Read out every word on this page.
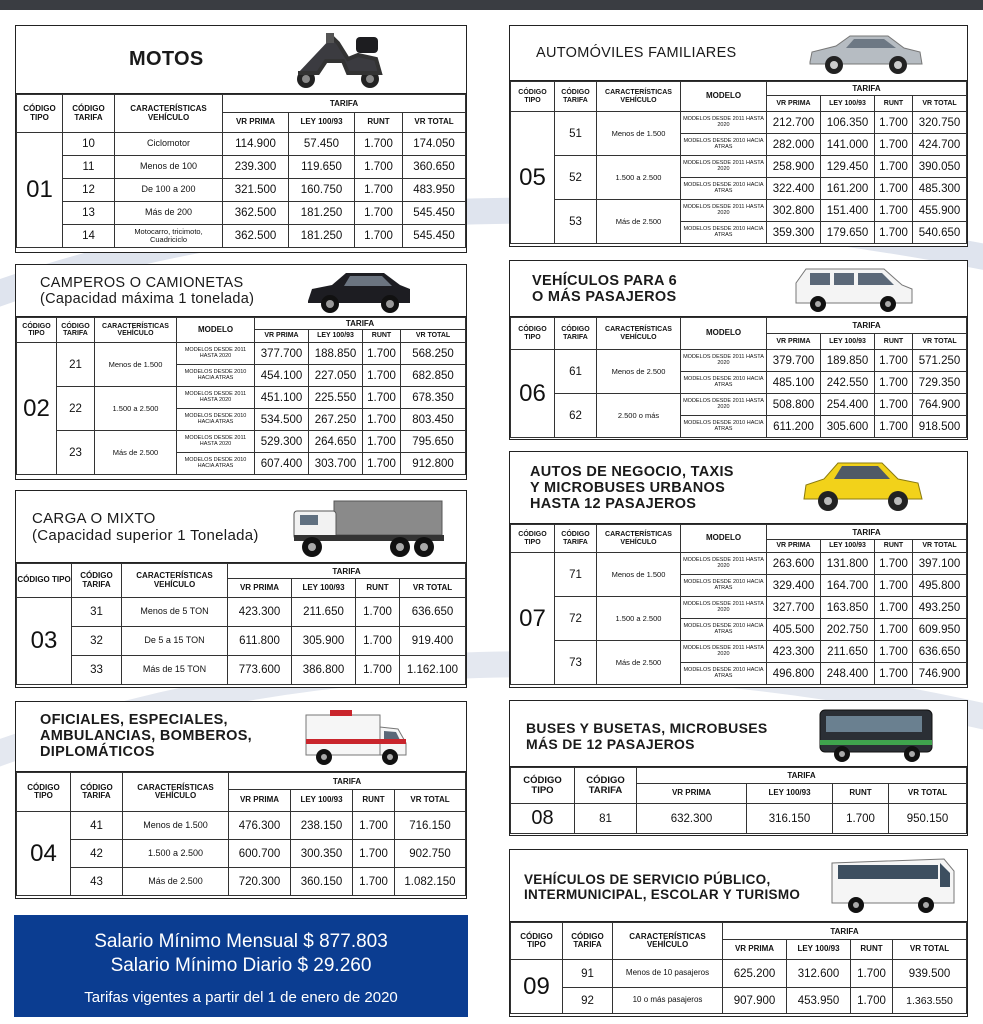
MOTOS
CÓDIGO TIPO	CÓDIGO TARIFA	CARACTERÍSTICAS VEHÍCULO	TARIFA			
			VR PRIMA	LEY 100/93	RUNT	VR TOTAL
01	10	Ciclomotor	114.900	57.450	1.700	174.050
	11	Menos de 100	239.300	119.650	1.700	360.650
	12	De 100 a 200	321.500	160.750	1.700	483.950
	13	Más de 200	362.500	181.250	1.700	545.450
	14	Motocarro, tricimoto, Cuadriciclo	362.500	181.250	1.700	545.450
CAMPEROS O CAMIONETAS
(Capacidad máxima 1 tonelada)
CÓDIGO TIPO	CÓDIGO TARIFA	CARACTERÍSTICAS VEHÍCULO	MODELO	TARIFA			
				VR PRIMA	LEY 100/93	RUNT	VR TOTAL
02	21	Menos de 1.500	MODELOS DESDE 2011 HASTA 2020	377.700	188.850	1.700	568.250
			MODELOS DESDE 2010 HACIA ATRAS	454.100	227.050	1.700	682.850
	22	1.500 a 2.500	MODELOS DESDE 2011 HASTA 2020	451.100	225.550	1.700	678.350
			MODELOS DESDE 2010 HACIA ATRAS	534.500	267.250	1.700	803.450
	23	Más de 2.500	MODELOS DESDE 2011 HASTA 2020	529.300	264.650	1.700	795.650
			MODELOS DESDE 2010 HACIA ATRAS	607.400	303.700	1.700	912.800
CARGA O MIXTO
(Capacidad superior 1 Tonelada)
CÓDIGO TIPO	CÓDIGO TARIFA	CARACTERÍSTICAS VEHÍCULO	TARIFA			
			VR PRIMA	LEY 100/93	RUNT	VR TOTAL
03	31	Menos de 5 TON	423.300	211.650	1.700	636.650
	32	De 5 a 15 TON	611.800	305.900	1.700	919.400
	33	Más de 15 TON	773.600	386.800	1.700	1.162.100
OFICIALES, ESPECIALES,
AMBULANCIAS, BOMBEROS,
DIPLOMÁTICOS
CÓDIGO TIPO	CÓDIGO TARIFA	CARACTERÍSTICAS VEHÍCULO	TARIFA			
			VR PRIMA	LEY 100/93	RUNT	VR TOTAL
04	41	Menos de 1.500	476.300	238.150	1.700	716.150
	42	1.500 a 2.500	600.700	300.350	1.700	902.750
	43	Más de 2.500	720.300	360.150	1.700	1.082.150
Salario Mínimo Mensual $ 877.803
Salario Mínimo Diario $ 29.260
Tarifas vigentes a partir del 1 de enero de 2020
AUTOMÓVILES FAMILIARES
CÓDIGO TIPO	CÓDIGO TARIFA	CARACTERÍSTICAS VEHÍCULO	MODELO	TARIFA			
				VR PRIMA	LEY 100/93	RUNT	VR TOTAL
05	51	Menos de 1.500	MODELOS DESDE 2011 HASTA 2020	212.700	106.350	1.700	320.750
			MODELOS DESDE 2010 HACIA ATRAS	282.000	141.000	1.700	424.700
	52	1.500 a 2.500	MODELOS DESDE 2011 HASTA 2020	258.900	129.450	1.700	390.050
			MODELOS DESDE 2010 HACIA ATRAS	322.400	161.200	1.700	485.300
	53	Más de 2.500	MODELOS DESDE 2011 HASTA 2020	302.800	151.400	1.700	455.900
			MODELOS DESDE 2010 HACIA ATRAS	359.300	179.650	1.700	540.650
VEHÍCULOS PARA 6
O MÁS PASAJEROS
CÓDIGO TIPO	CÓDIGO TARIFA	CARACTERÍSTICAS VEHÍCULO	MODELO	TARIFA			
				VR PRIMA	LEY 100/93	RUNT	VR TOTAL
06	61	Menos de 2.500	MODELOS DESDE 2011 HASTA 2020	379.700	189.850	1.700	571.250
			MODELOS DESDE 2010 HACIA ATRAS	485.100	242.550	1.700	729.350
	62	2.500 o más	MODELOS DESDE 2011 HASTA 2020	508.800	254.400	1.700	764.900
			MODELOS DESDE 2010 HACIA ATRAS	611.200	305.600	1.700	918.500
AUTOS DE NEGOCIO, TAXIS
Y MICROBUSES URBANOS
HASTA 12 PASAJEROS
CÓDIGO TIPO	CÓDIGO TARIFA	CARACTERÍSTICAS VEHÍCULO	MODELO	TARIFA			
				VR PRIMA	LEY 100/93	RUNT	VR TOTAL
07	71	Menos de 1.500	MODELOS DESDE 2011 HASTA 2020	263.600	131.800	1.700	397.100
			MODELOS DESDE 2010 HACIA ATRAS	329.400	164.700	1.700	495.800
	72	1.500 a 2.500	MODELOS DESDE 2011 HASTA 2020	327.700	163.850	1.700	493.250
			MODELOS DESDE 2010 HACIA ATRAS	405.500	202.750	1.700	609.950
	73	Más de 2.500	MODELOS DESDE 2011 HASTA 2020	423.300	211.650	1.700	636.650
			MODELOS DESDE 2010 HACIA ATRAS	496.800	248.400	1.700	746.900
BUSES Y BUSETAS, MICROBUSES
MÁS DE 12 PASAJEROS
CÓDIGO TIPO	CÓDIGO TARIFA	TARIFA			
		VR PRIMA	LEY 100/93	RUNT	VR TOTAL
08	81	632.300	316.150	1.700	950.150
VEHÍCULOS DE SERVICIO PÚBLICO,
INTERMUNICIPAL, ESCOLAR Y TURISMO
CÓDIGO TIPO	CÓDIGO TARIFA	CARACTERÍSTICAS VEHÍCULO	TARIFA			
			VR PRIMA	LEY 100/93	RUNT	VR TOTAL
09	91	Menos de 10 pasajeros	625.200	312.600	1.700	939.500
	92	10 o más pasajeros	907.900	453.950	1.700	1.363.550
